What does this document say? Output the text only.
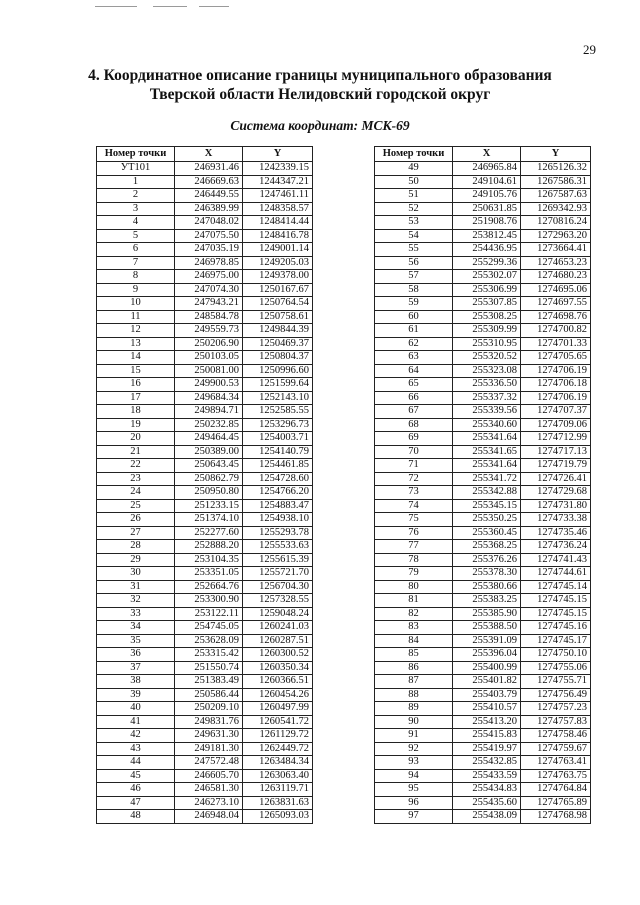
29
4. Координатное описание границы муниципального образования
Тверской области Нелидовский городской округ
Система координат: МСК-69
Номер точки	X	Y
УТ101	246931.46	1242339.15
1	246669.63	1244347.21
2	246449.55	1247461.11
3	246389.99	1248358.57
4	247048.02	1248414.44
5	247075.50	1248416.78
6	247035.19	1249001.14
7	246978.85	1249205.03
8	246975.00	1249378.00
9	247074.30	1250167.67
10	247943.21	1250764.54
11	248584.78	1250758.61
12	249559.73	1249844.39
13	250206.90	1250469.37
14	250103.05	1250804.37
15	250081.00	1250996.60
16	249900.53	1251599.64
17	249684.34	1252143.10
18	249894.71	1252585.55
19	250232.85	1253296.73
20	249464.45	1254003.71
21	250389.00	1254140.79
22	250643.45	1254461.85
23	250862.79	1254728.60
24	250950.80	1254766.20
25	251233.15	1254883.47
26	251374.10	1254938.10
27	252277.60	1255293.78
28	252888.20	1255533.63
29	253104.35	1255615.39
30	253351.05	1255721.70
31	252664.76	1256704.30
32	253300.90	1257328.55
33	253122.11	1259048.24
34	254745.05	1260241.03
35	253628.09	1260287.51
36	253315.42	1260300.52
37	251550.74	1260350.34
38	251383.49	1260366.51
39	250586.44	1260454.26
40	250209.10	1260497.99
41	249831.76	1260541.72
42	249631.30	1261129.72
43	249181.30	1262449.72
44	247572.48	1263484.34
45	246605.70	1263063.40
46	246581.30	1263119.71
47	246273.10	1263831.63
48	246948.04	1265093.03
Номер точки	X	Y
49	246965.84	1265126.32
50	249104.61	1267586.31
51	249105.76	1267587.63
52	250631.85	1269342.93
53	251908.76	1270816.24
54	253812.45	1272963.20
55	254436.95	1273664.41
56	255299.36	1274653.23
57	255302.07	1274680.23
58	255306.99	1274695.06
59	255307.85	1274697.55
60	255308.25	1274698.76
61	255309.99	1274700.82
62	255310.95	1274701.33
63	255320.52	1274705.65
64	255323.08	1274706.19
65	255336.50	1274706.18
66	255337.32	1274706.19
67	255339.56	1274707.37
68	255340.60	1274709.06
69	255341.64	1274712.99
70	255341.65	1274717.13
71	255341.64	1274719.79
72	255341.72	1274726.41
73	255342.88	1274729.68
74	255345.15	1274731.80
75	255350.25	1274733.38
76	255360.45	1274735.46
77	255368.25	1274736.24
78	255376.26	1274741.43
79	255378.30	1274744.61
80	255380.66	1274745.14
81	255383.25	1274745.15
82	255385.90	1274745.15
83	255388.50	1274745.16
84	255391.09	1274745.17
85	255396.04	1274750.10
86	255400.99	1274755.06
87	255401.82	1274755.71
88	255403.79	1274756.49
89	255410.57	1274757.23
90	255413.20	1274757.83
91	255415.83	1274758.46
92	255419.97	1274759.67
93	255432.85	1274763.41
94	255433.59	1274763.75
95	255434.83	1274764.84
96	255435.60	1274765.89
97	255438.09	1274768.98
